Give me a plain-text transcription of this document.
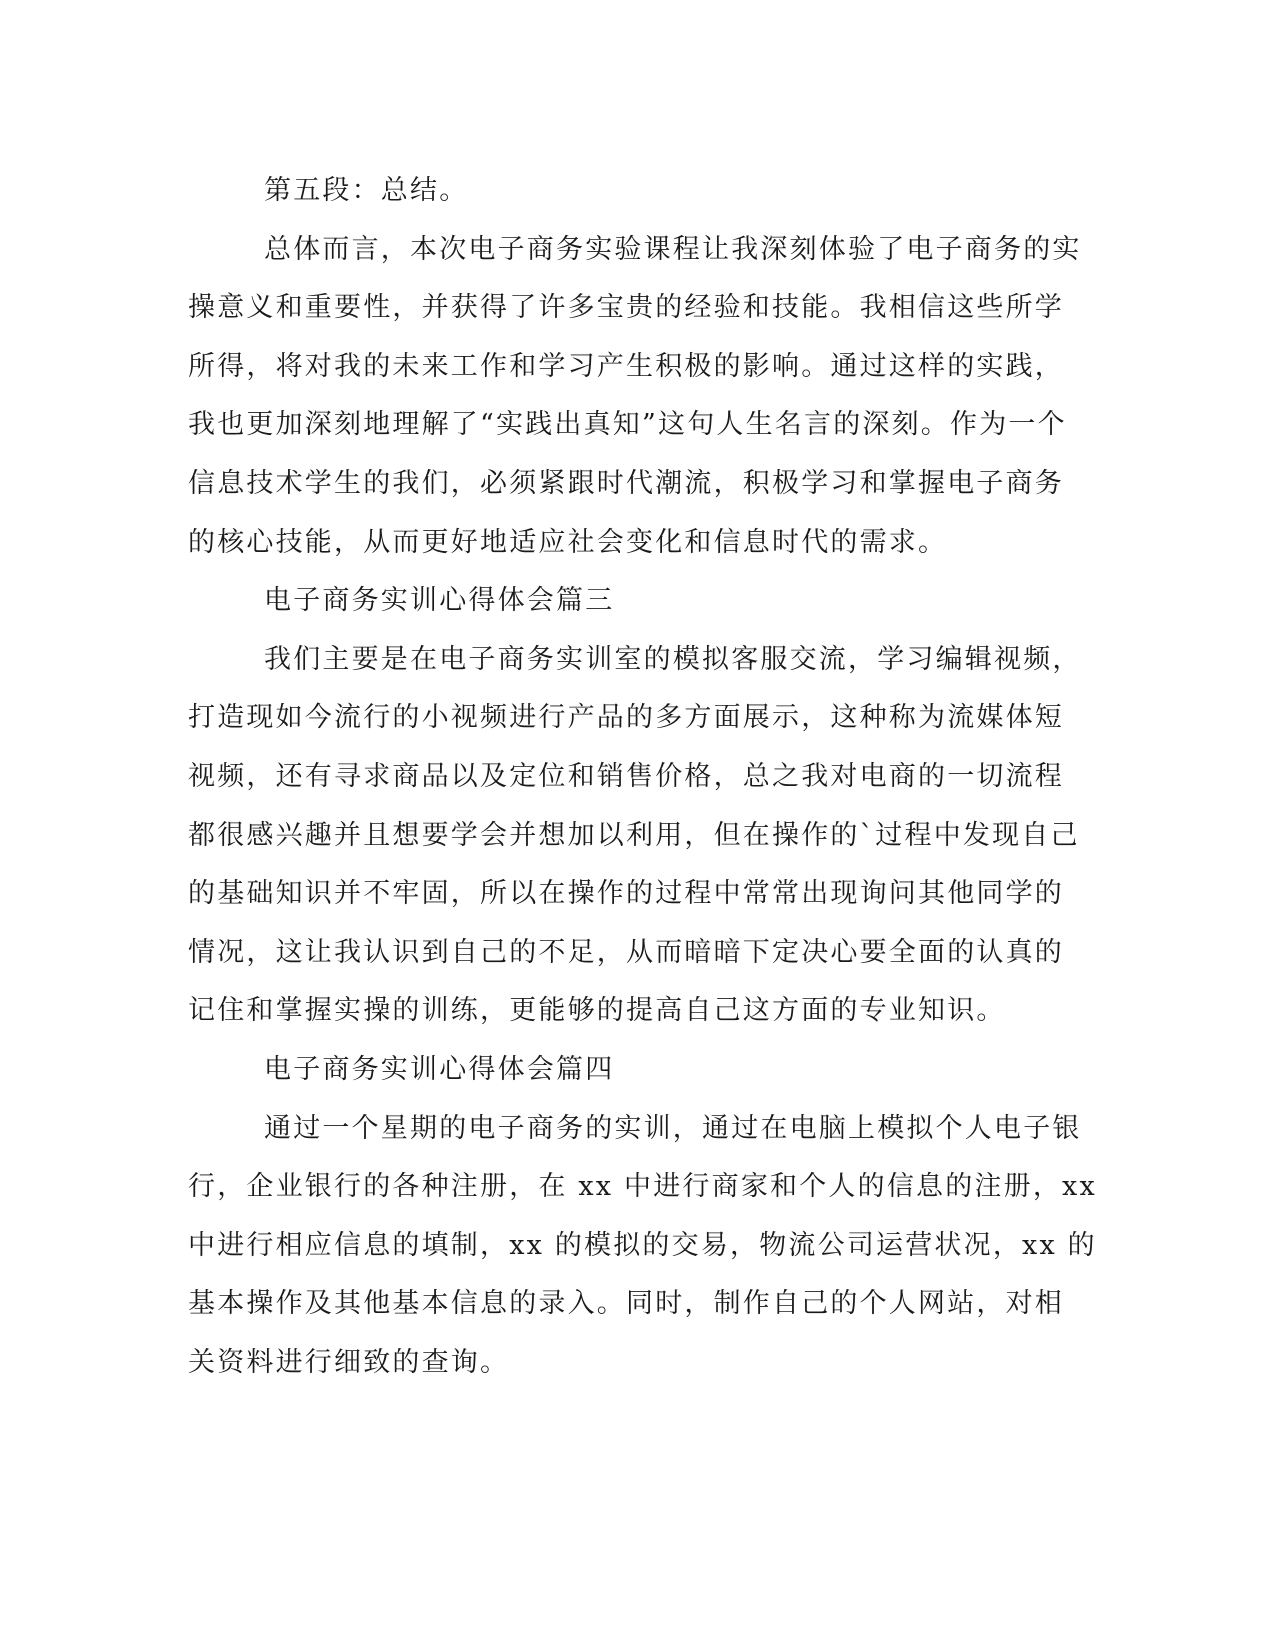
第五段：总结。
总体而言，本次电子商务实验课程让我深刻体验了电子商务的实
操意义和重要性，并获得了许多宝贵的经验和技能。我相信这些所学
所得，将对我的未来工作和学习产生积极的影响。通过这样的实践，
我也更加深刻地理解了“实践出真知”这句人生名言的深刻。作为一个
信息技术学生的我们，必须紧跟时代潮流，积极学习和掌握电子商务
的核心技能，从而更好地适应社会变化和信息时代的需求。
电子商务实训心得体会篇三
我们主要是在电子商务实训室的模拟客服交流，学习编辑视频，
打造现如今流行的小视频进行产品的多方面展示，这种称为流媒体短
视频，还有寻求商品以及定位和销售价格，总之我对电商的一切流程
都很感兴趣并且想要学会并想加以利用，但在操作的`过程中发现自己
的基础知识并不牢固，所以在操作的过程中常常出现询问其他同学的
情况，这让我认识到自己的不足，从而暗暗下定决心要全面的认真的
记住和掌握实操的训练，更能够的提高自己这方面的专业知识。
电子商务实训心得体会篇四
通过一个星期的电子商务的实训，通过在电脑上模拟个人电子银
行，企业银行的各种注册，在 xx 中进行商家和个人的信息的注册，xx
中进行相应信息的填制，xx 的模拟的交易，物流公司运营状况，xx 的
基本操作及其他基本信息的录入。同时，制作自己的个人网站，对相
关资料进行细致的查询。
